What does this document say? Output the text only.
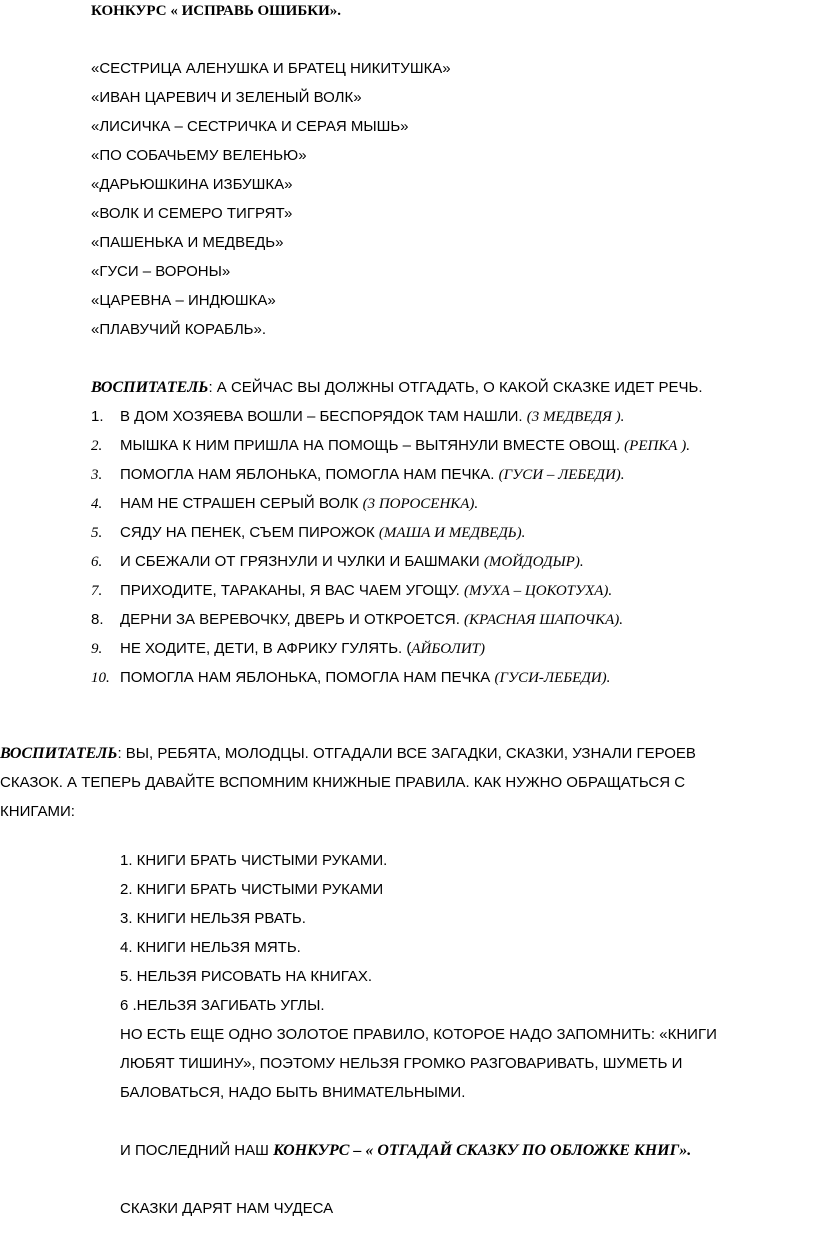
КОНКУРС « ИСПРАВЬ ОШИБКИ».
«СЕСТРИЦА АЛЕНУШКА И БРАТЕЦ НИКИТУШКА»
«ИВАН ЦАРЕВИЧ И ЗЕЛЕНЫЙ ВОЛК»
«ЛИСИЧКА – СЕСТРИЧКА И СЕРАЯ МЫШЬ»
«ПО СОБАЧЬЕМУ ВЕЛЕНЬЮ»
«ДАРЬЮШКИНА ИЗБУШКА»
«ВОЛК И СЕМЕРО ТИГРЯТ»
«ПАШЕНЬКА И МЕДВЕДЬ»
«ГУСИ – ВОРОНЫ»
«ЦАРЕВНА – ИНДЮШКА»
«ПЛАВУЧИЙ КОРАБЛЬ».
ВОСПИТАТЕЛЬ: А СЕЙЧАС ВЫ ДОЛЖНЫ ОТГАДАТЬ, О КАКОЙ СКАЗКЕ ИДЕТ РЕЧЬ.
1. В ДОМ ХОЗЯЕВА ВОШЛИ – БЕСПОРЯДОК ТАМ НАШЛИ. (3 МЕДВЕДЯ ).
2. МЫШКА К НИМ ПРИШЛА НА ПОМОЩЬ – ВЫТЯНУЛИ ВМЕСТЕ ОВОЩ. (РЕПКА ).
3. ПОМОГЛА НАМ ЯБЛОНЬКА, ПОМОГЛА НАМ ПЕЧКА. (ГУСИ – ЛЕБЕДИ).
4. НАМ НЕ СТРАШЕН СЕРЫЙ ВОЛК (3 ПОРОСЕНКА).
5. СЯДУ НА ПЕНЕК, СЪЕМ ПИРОЖОК (МАША И МЕДВЕДЬ).
6. И СБЕЖАЛИ ОТ ГРЯЗНУЛИ И ЧУЛКИ И БАШМАКИ (МОЙДОДЫР).
7. ПРИХОДИТЕ, ТАРАКАНЫ, Я ВАС ЧАЕМ УГОЩУ. (МУХА – ЦОКОТУХА).
8. ДЕРНИ ЗА ВЕРЕВОЧКУ, ДВЕРЬ И ОТКРОЕТСЯ. (КРАСНАЯ ШАПОЧКА).
9. НЕ ХОДИТЕ, ДЕТИ, В АФРИКУ ГУЛЯТЬ. (АЙБОЛИТ)
10. ПОМОГЛА НАМ ЯБЛОНЬКА, ПОМОГЛА НАМ ПЕЧКА (ГУСИ-ЛЕБЕДИ).
ВОСПИТАТЕЛЬ: ВЫ, РЕБЯТА, МОЛОДЦЫ. ОТГАДАЛИ ВСЕ ЗАГАДКИ, СКАЗКИ, УЗНАЛИ ГЕРОЕВ
СКАЗОК. А ТЕПЕРЬ ДАВАЙТЕ ВСПОМНИМ КНИЖНЫЕ ПРАВИЛА. КАК НУЖНО ОБРАЩАТЬСЯ С
КНИГАМИ:
1. КНИГИ БРАТЬ ЧИСТЫМИ РУКАМИ.
2. КНИГИ БРАТЬ ЧИСТЫМИ РУКАМИ
3. КНИГИ НЕЛЬЗЯ РВАТЬ.
4. КНИГИ НЕЛЬЗЯ МЯТЬ.
5. НЕЛЬЗЯ РИСОВАТЬ НА КНИГАХ.
6 .НЕЛЬЗЯ ЗАГИБАТЬ УГЛЫ.
НО ЕСТЬ ЕЩЕ ОДНО ЗОЛОТОЕ ПРАВИЛО, КОТОРОЕ НАДО ЗАПОМНИТЬ: «КНИГИ
ЛЮБЯТ ТИШИНУ», ПОЭТОМУ НЕЛЬЗЯ ГРОМКО РАЗГОВАРИВАТЬ, ШУМЕТЬ И
БАЛОВАТЬСЯ, НАДО БЫТЬ ВНИМАТЕЛЬНЫМИ.
И ПОСЛЕДНИЙ НАШ КОНКУРС – « ОТГАДАЙ СКАЗКУ ПО ОБЛОЖКЕ КНИГ».
СКАЗКИ ДАРЯТ НАМ ЧУДЕСА
